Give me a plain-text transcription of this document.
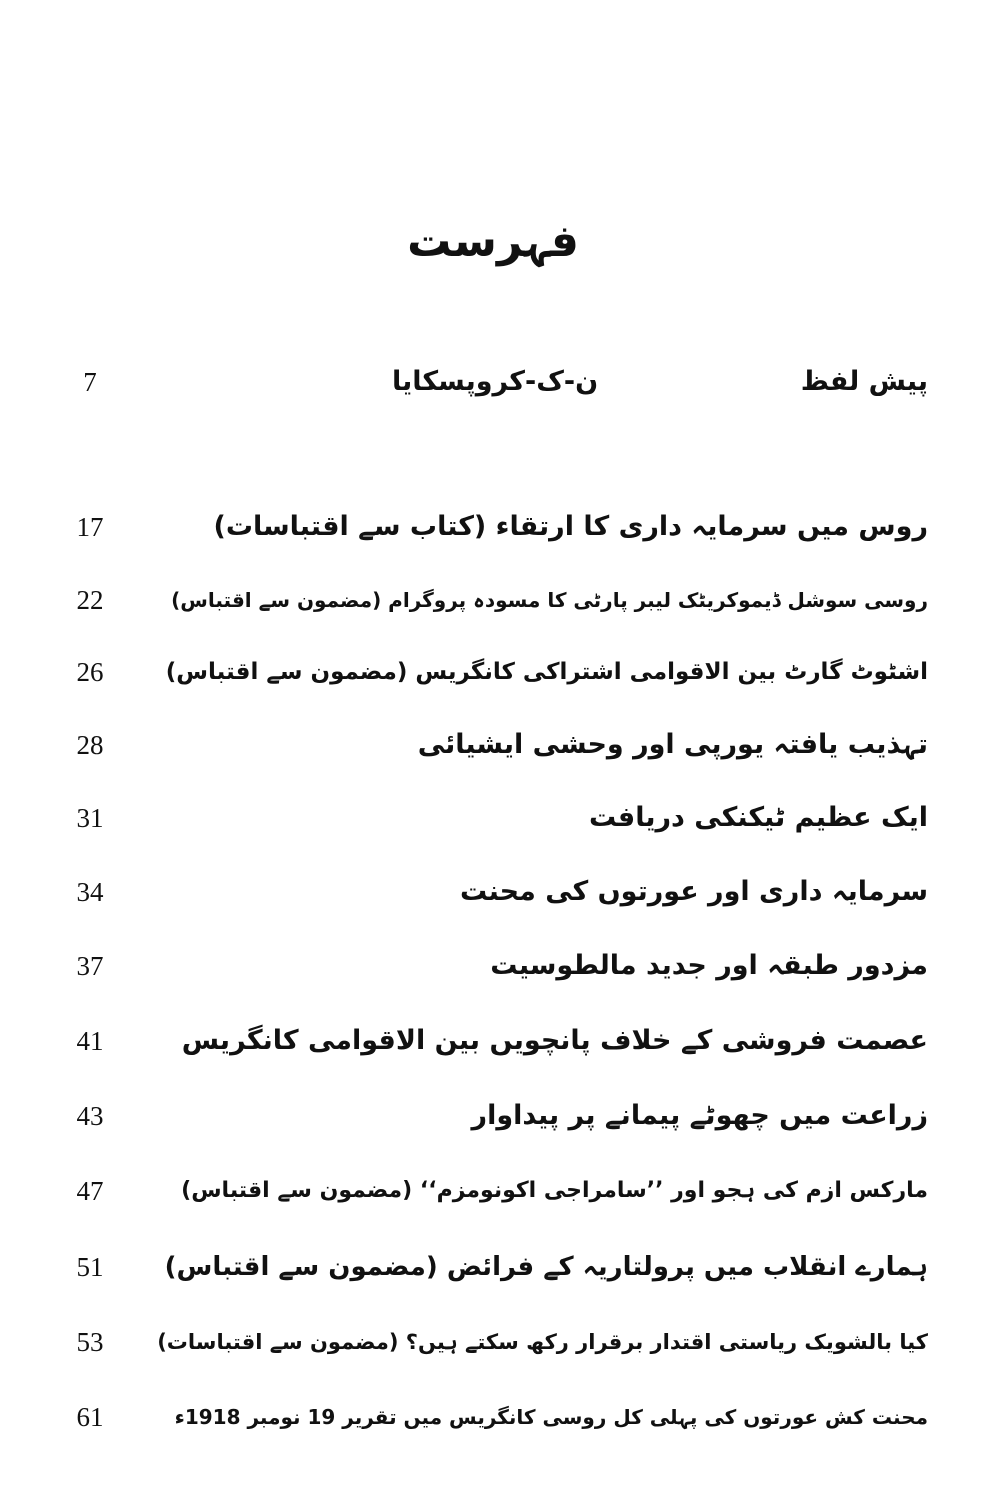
فہرست
پیش لفظ
ن-ک-کروپسکایا
7
روس میں سرمایہ داری کا ارتقاء (کتاب سے اقتباسات)
17
روسی سوشل ڈیموکریٹک لیبر پارٹی کا مسودہ پروگرام (مضمون سے اقتباس)
22
اشٹوٹ گارٹ بین الاقوامی اشتراکی کانگریس (مضمون سے اقتباس)
26
تہذیب یافتہ یورپی اور وحشی ایشیائی
28
ایک عظیم ٹیکنکی دریافت
31
سرمایہ داری اور عورتوں کی محنت
34
مزدور طبقہ اور جدید مالطوسیت
37
عصمت فروشی کے خلاف پانچویں بین الاقوامی کانگریس
41
زراعت میں چھوٹے پیمانے پر پیداوار
43
مارکس ازم کی ہجو اور ’’سامراجی اکونومزم‘‘ (مضمون سے اقتباس)
47
ہمارے انقلاب میں پرولتاریہ کے فرائض (مضمون سے اقتباس)
51
کیا بالشویک ریاستی اقتدار برقرار رکھ سکتے ہیں؟ (مضمون سے اقتباسات)
53
محنت کش عورتوں کی پہلی کل روسی کانگریس میں تقریر 19 نومبر 1918ء
61
